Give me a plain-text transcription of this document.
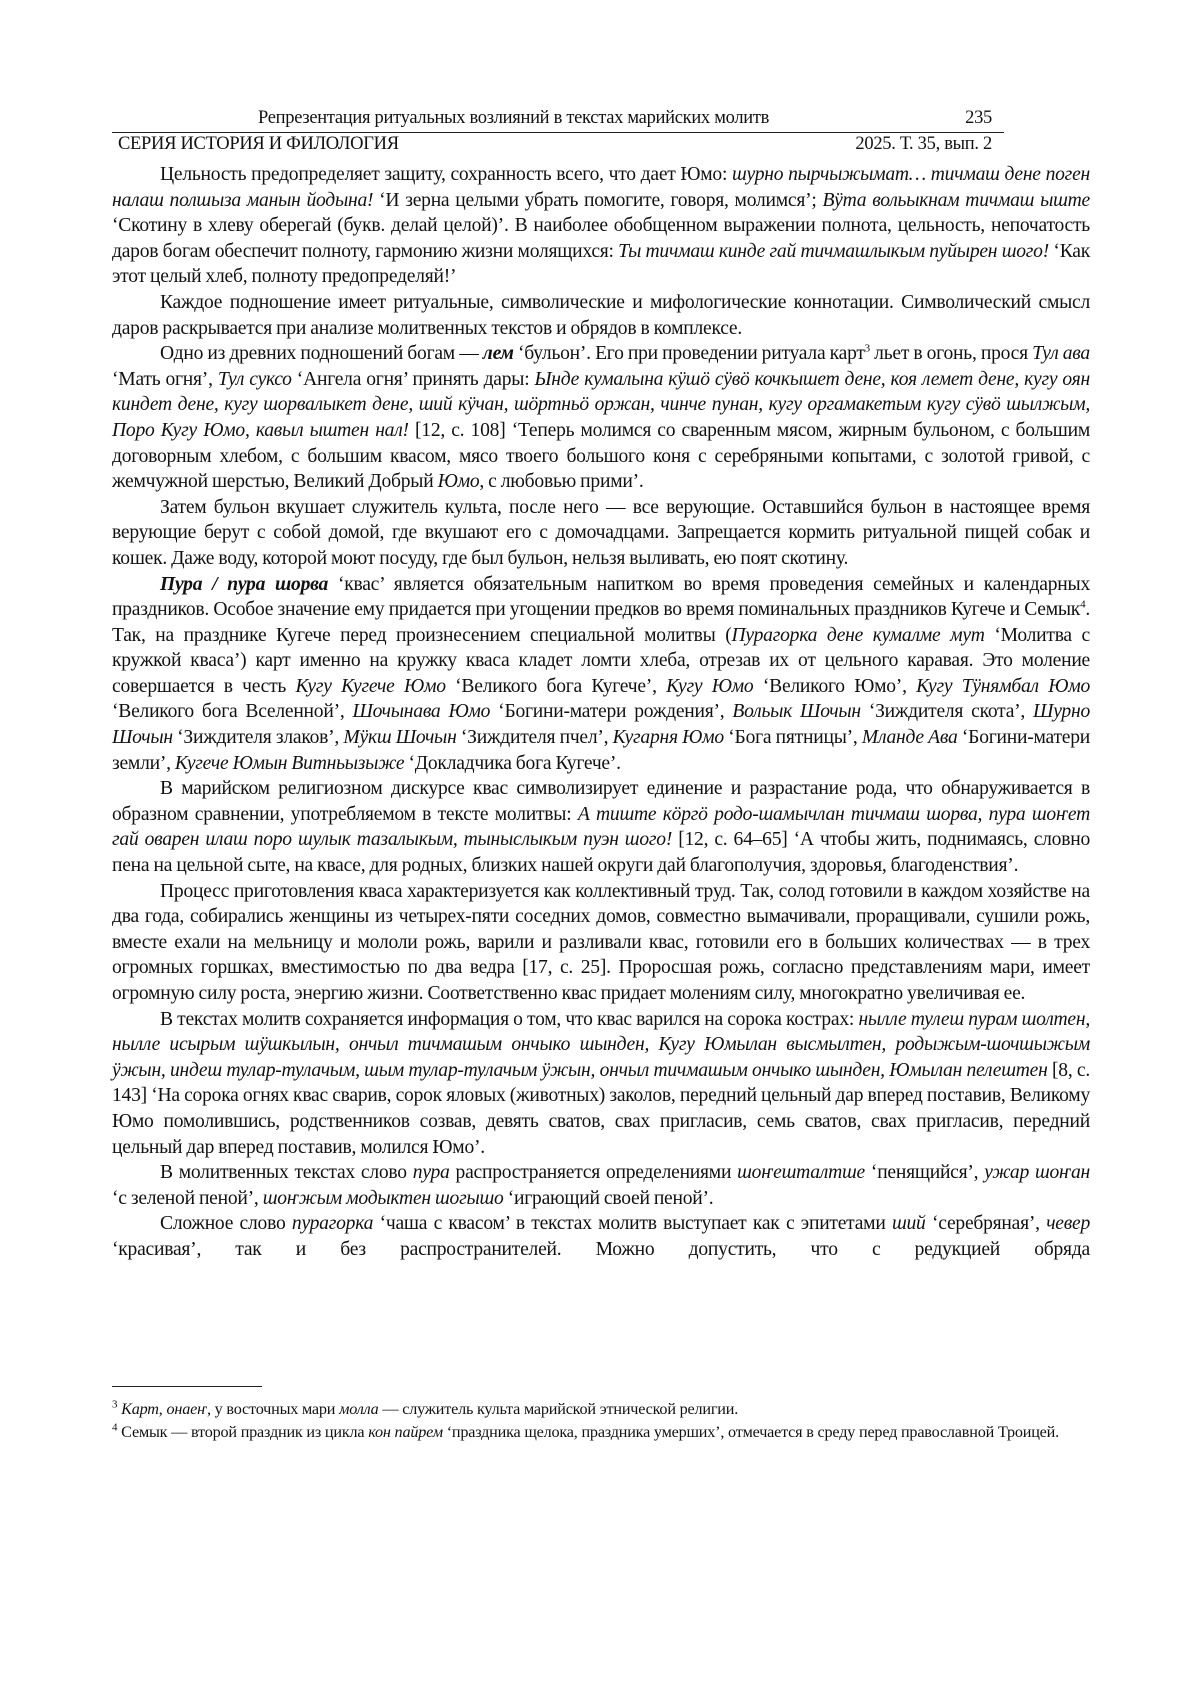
Репрезентация ритуальных возлияний в текстах марийских молитв	235
СЕРИЯ ИСТОРИЯ И ФИЛОЛОГИЯ	2025. Т. 35, вып. 2

Цельность предопределяет защиту, сохранность всего, что дает Юмо: шурно пырчыжымат… тичмаш дене поген налаш полшыза манын йодына! ‘И зерна целыми убрать помогите, говоря, молимся’; Вӱта вольыкнам тичмаш ыште ‘Скотину в хлеву оберегай (букв. делай целой)’. В наиболее обобщенном выражении полнота, цельность, непочатость даров богам обеспечит полноту, гармонию жизни молящихся: Ты тичмаш кинде гай тичмашлыкым пуйырен шого! ‘Как этот целый хлеб, полноту предопределяй!’

Каждое подношение имеет ритуальные, символические и мифологические коннотации. Символический смысл даров раскрывается при анализе молитвенных текстов и обрядов в комплексе.

Одно из древних подношений богам — лем ‘бульон’. Его при проведении ритуала карт3 льет в огонь, прося Тул ава ‘Мать огня’, Тул суксо ‘Ангела огня’ принять дары: Ынде кумалына кӱшӧ сӱвӧ кочкышет дене, коя лемет дене, кугу оян киндет дене, кугу шорвалыкет дене, ший кӱчан, шӧртньӧ оржан, чинче пунан, кугу оргамакетым кугу сӱвӧ шылжым, Поро Кугу Юмо, кавыл ыштен нал! [12, с. 108] ‘Теперь молимся со сваренным мясом, жирным бульоном, с большим договорным хлебом, с большим квасом, мясо твоего большого коня с серебряными копытами, с золотой гривой, с жемчужной шерстью, Великий Добрый Юмо, с любовью прими’.

Затем бульон вкушает служитель культа, после него — все верующие. Оставшийся бульон в настоящее время верующие берут с собой домой, где вкушают его с домочадцами. Запрещается кормить ритуальной пищей собак и кошек. Даже воду, которой моют посуду, где был бульон, нельзя выливать, ею поят скотину.

Пура / пура шорва ‘квас’ является обязательным напитком во время проведения семейных и календарных праздников. Особое значение ему придается при угощении предков во время поминальных праздников Кугече и Семык4. Так, на празднике Кугече перед произнесением специальной молитвы (Пурагорка дене кумалме мут ‘Молитва с кружкой кваса’) карт именно на кружку кваса кладет ломти хлеба, отрезав их от цельного каравая. Это моление совершается в честь Кугу Кугече Юмо ‘Великого бога Кугече’, Кугу Юмо ‘Великого Юмо’, Кугу Тӱнямбал Юмо ‘Великого бога Вселенной’, Шочынава Юмо ‘Богини-матери рождения’, Вольык Шочын ‘Зиждителя скота’, Шурно Шочын ‘Зиждителя злаков’, Мӱкш Шочын ‘Зиждителя пчел’, Кугарня Юмо ‘Бога пятницы’, Мланде Ава ‘Богини-матери земли’, Кугече Юмын Витньызыже ‘Докладчика бога Кугече’.

В марийском религиозном дискурсе квас символизирует единение и разрастание рода, что обнаруживается в образном сравнении, употребляемом в тексте молитвы: А тиште кӧргӧ родо-шамычлан тичмаш шорва, пура шоҥет гай оварен илаш поро шулык тазалыкым, тыныслыкым пуэн шого! [12, с. 64–65] ‘А чтобы жить, поднимаясь, словно пена на цельной сыте, на квасе, для родных, близких нашей округи дай благополучия, здоровья, благоденствия’.

Процесс приготовления кваса характеризуется как коллективный труд. Так, солод готовили в каждом хозяйстве на два года, собирались женщины из четырех-пяти соседних домов, совместно вымачивали, проращивали, сушили рожь, вместе ехали на мельницу и мололи рожь, варили и разливали квас, готовили его в больших количествах — в трех огромных горшках, вместимостью по два ведра [17, с. 25]. Проросшая рожь, согласно представлениям мари, имеет огромную силу роста, энергию жизни. Соответственно квас придает молениям силу, многократно увеличивая ее.

В текстах молитв сохраняется информация о том, что квас варился на сорока кострах: нылле тулеш пурам шолтен, нылле исырым шӱшкылын, ончыл тичмашым ончыко шынден, Кугу Юмылан высмылтен, родыжым-шочшыжым ӱжын, индеш тулар-тулачым, шым тулар-тулачым ӱжын, ончыл тичмашым ончыко шынден, Юмылан пелештен [8, с. 143] ‘На сорока огнях квас сварив, сорок яловых (животных) заколов, передний цельный дар вперед поставив, Великому Юмо помолившись, родственников созвав, девять сватов, свах пригласив, семь сватов, свах пригласив, передний цельный дар вперед поставив, молился Юмо’.

В молитвенных текстах слово пура распространяется определениями шоҥешталтше ‘пенящийся’, ужар шоҥан ‘с зеленой пеной’, шоҥжым модыктен шогышо ‘играющий своей пеной’.

Сложное слово пурагорка ‘чаша с квасом’ в текстах молитв выступает как с эпитетами ший ‘серебряная’, чевер ‘красивая’, так и без распространителей. Можно допустить, что с редукцией обряда

3 Карт, онаеҥ, у восточных мари молла — служитель культа марийской этнической религии.

4 Семык — второй праздник из цикла кон пайрем ‘праздника щелока, праздника умерших’, отмечается в среду перед православной Троицей.
